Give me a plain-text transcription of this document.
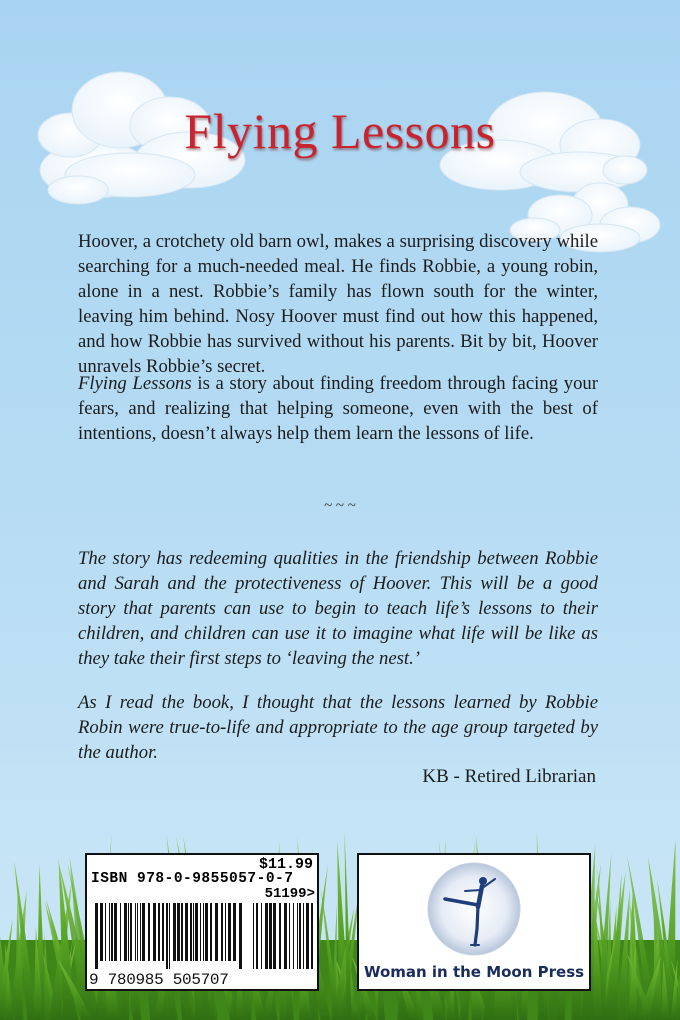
Flying Lessons

Hoover, a crotchety old barn owl, makes a surprising discovery while searching for a much-needed meal. He finds Robbie, a young robin, alone in a nest. Robbie’s family has flown south for the winter, leaving him behind. Nosy Hoover must find out how this happened, and how Robbie has survived without his parents. Bit by bit, Hoover unravels Robbie’s secret.

Flying Lessons is a story about finding freedom through facing your fears, and realizing that helping someone, even with the best of intentions, doesn’t always help them learn the lessons of life.

~ ~ ~
The story has redeeming qualities in the friendship between Robbie and Sarah and the protectiveness of Hoover. This will be a good story that parents can use to begin to teach life’s lessons to their children, and children can use it to imagine what life will be like as they take their first steps to ‘leaving the nest.’
As I read the book, I thought that the lessons learned by Robbie Robin were true-to-life and appropriate to the age group targeted by the author.
KB - Retired Librarian
$11.99
ISBN 978-0-9855057-0-7
51199>
9 780985 505707	Woman in the Moon Press
